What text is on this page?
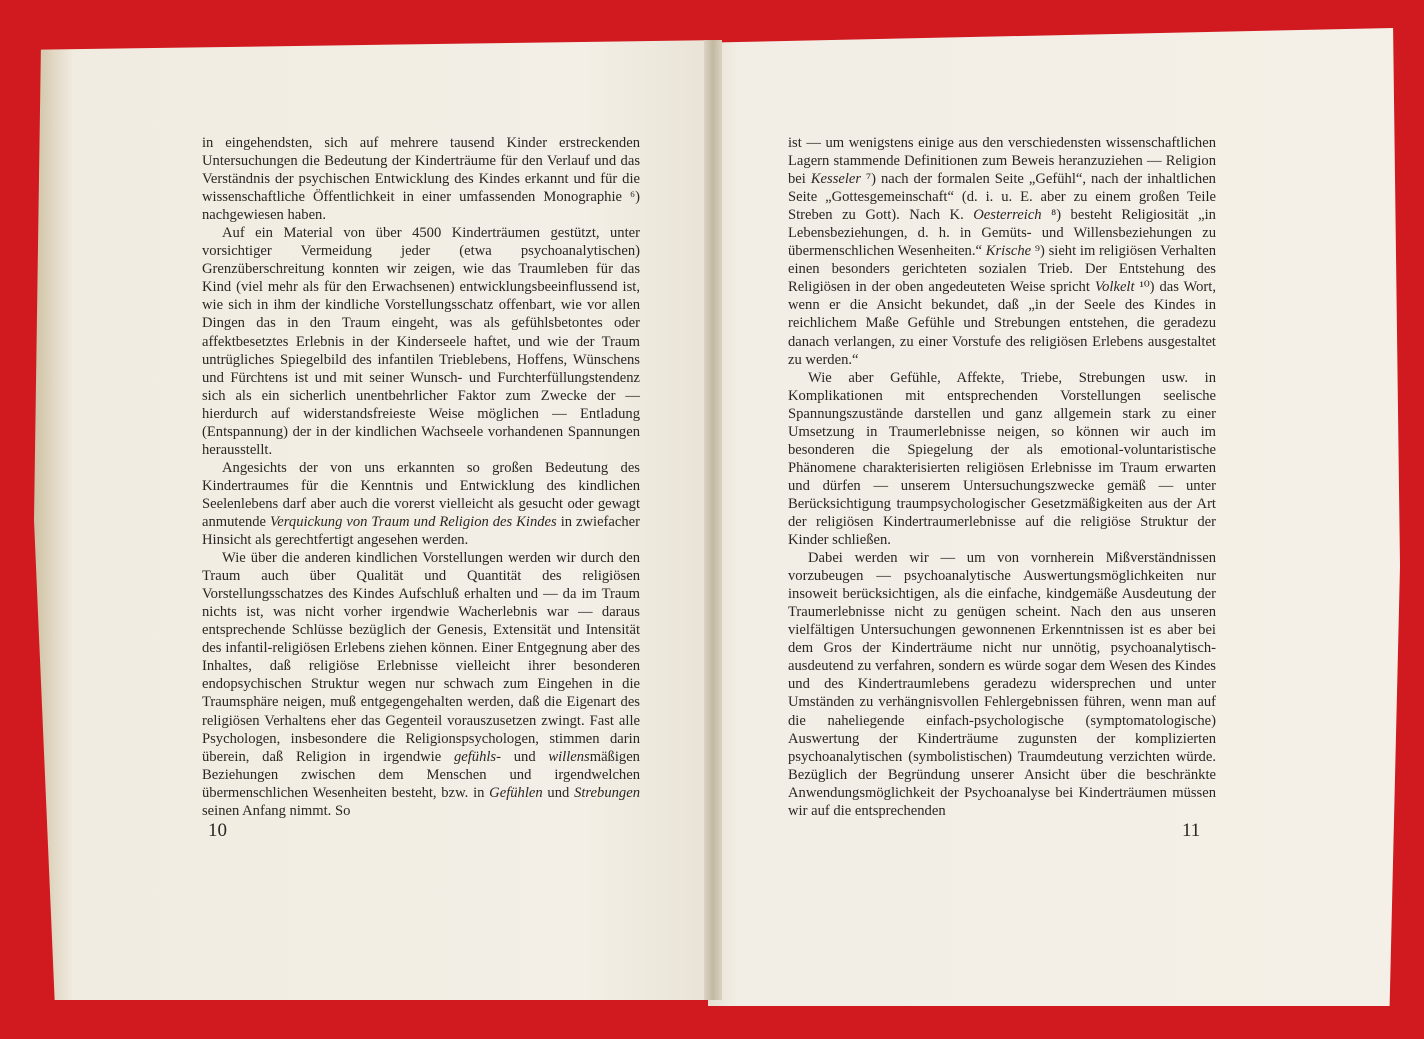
in eingehendsten, sich auf mehrere tausend Kinder erstreckenden Untersuchungen die Bedeutung der Kinderträume für den Verlauf und das Verständnis der psychischen Entwicklung des Kindes erkannt und für die wissenschaftliche Öffentlichkeit in einer umfassenden Monographie ⁶) nachgewiesen haben.

Auf ein Material von über 4500 Kinderträumen gestützt, unter vorsichtiger Vermeidung jeder (etwa psychoanalytischen) Grenzüberschreitung konnten wir zeigen, wie das Traumleben für das Kind (viel mehr als für den Erwachsenen) entwicklungsbeeinflussend ist, wie sich in ihm der kindliche Vorstellungsschatz offenbart, wie vor allen Dingen das in den Traum eingeht, was als gefühlsbetontes oder affektbesetztes Erlebnis in der Kinderseele haftet, und wie der Traum untrügliches Spiegelbild des infantilen Trieblebens, Hoffens, Wünschens und Fürchtens ist und mit seiner Wunsch- und Furchterfüllungstendenz sich als ein sicherlich unentbehrlicher Faktor zum Zwecke der — hierdurch auf widerstandsfreieste Weise möglichen — Entladung (Entspannung) der in der kindlichen Wachseele vorhandenen Spannungen herausstellt.

Angesichts der von uns erkannten so großen Bedeutung des Kindertraumes für die Kenntnis und Entwicklung des kindlichen Seelenlebens darf aber auch die vorerst vielleicht als gesucht oder gewagt anmutende Verquickung von Traum und Religion des Kindes in zwiefacher Hinsicht als gerechtfertigt angesehen werden.

Wie über die anderen kindlichen Vorstellungen werden wir durch den Traum auch über Qualität und Quantität des religiösen Vorstellungsschatzes des Kindes Aufschluß erhalten und — da im Traum nichts ist, was nicht vorher irgendwie Wacherlebnis war — daraus entsprechende Schlüsse bezüglich der Genesis, Extensität und Intensität des infantil-religiösen Erlebens ziehen können. Einer Entgegnung aber des Inhaltes, daß religiöse Erlebnisse vielleicht ihrer besonderen endopsychischen Struktur wegen nur schwach zum Eingehen in die Traumsphäre neigen, muß entgegengehalten werden, daß die Eigenart des religiösen Verhaltens eher das Gegenteil vorauszusetzen zwingt. Fast alle Psychologen, insbesondere die Religionspsychologen, stimmen darin überein, daß Religion in irgendwie gefühls- und willensmäßigen Beziehungen zwischen dem Menschen und irgendwelchen übermenschlichen Wesenheiten besteht, bzw. in Gefühlen und Strebungen seinen Anfang nimmt. So

10

ist — um wenigstens einige aus den verschiedensten wissenschaftlichen Lagern stammende Definitionen zum Beweis heranzuziehen — Religion bei Kesseler ⁷) nach der formalen Seite „Gefühl“, nach der inhaltlichen Seite „Gottesgemeinschaft“ (d. i. u. E. aber zu einem großen Teile Streben zu Gott). Nach K. Oesterreich ⁸) besteht Religiosität „in Lebensbeziehungen, d. h. in Gemüts- und Willensbeziehungen zu übermenschlichen Wesenheiten.“ Krische ⁹) sieht im religiösen Verhalten einen besonders gerichteten sozialen Trieb. Der Entstehung des Religiösen in der oben angedeuteten Weise spricht Volkelt ¹⁰) das Wort, wenn er die Ansicht bekundet, daß „in der Seele des Kindes in reichlichem Maße Gefühle und Strebungen entstehen, die geradezu danach verlangen, zu einer Vorstufe des religiösen Erlebens ausgestaltet zu werden.“

Wie aber Gefühle, Affekte, Triebe, Strebungen usw. in Komplikationen mit entsprechenden Vorstellungen seelische Spannungszustände darstellen und ganz allgemein stark zu einer Umsetzung in Traumerlebnisse neigen, so können wir auch im besonderen die Spiegelung der als emotional-voluntaristische Phänomene charakterisierten religiösen Erlebnisse im Traum erwarten und dürfen — unserem Untersuchungszwecke gemäß — unter Berücksichtigung traumpsychologischer Gesetzmäßigkeiten aus der Art der religiösen Kindertraumerlebnisse auf die religiöse Struktur der Kinder schließen.

Dabei werden wir — um von vornherein Mißverständnissen vorzubeugen — psychoanalytische Auswertungsmöglichkeiten nur insoweit berücksichtigen, als die einfache, kindgemäße Ausdeutung der Traumerlebnisse nicht zu genügen scheint. Nach den aus unseren vielfältigen Untersuchungen gewonnenen Erkenntnissen ist es aber bei dem Gros der Kinderträume nicht nur unnötig, psychoanalytisch-ausdeutend zu verfahren, sondern es würde sogar dem Wesen des Kindes und des Kindertraumlebens geradezu widersprechen und unter Umständen zu verhängnisvollen Fehlergebnissen führen, wenn man auf die naheliegende einfach-psychologische (symptomatologische) Auswertung der Kinderträume zugunsten der komplizierten psychoanalytischen (symbolistischen) Traumdeutung verzichten würde. Bezüglich der Begründung unserer Ansicht über die beschränkte Anwendungsmöglichkeit der Psychoanalyse bei Kinderträumen müssen wir auf die entsprechenden

11
